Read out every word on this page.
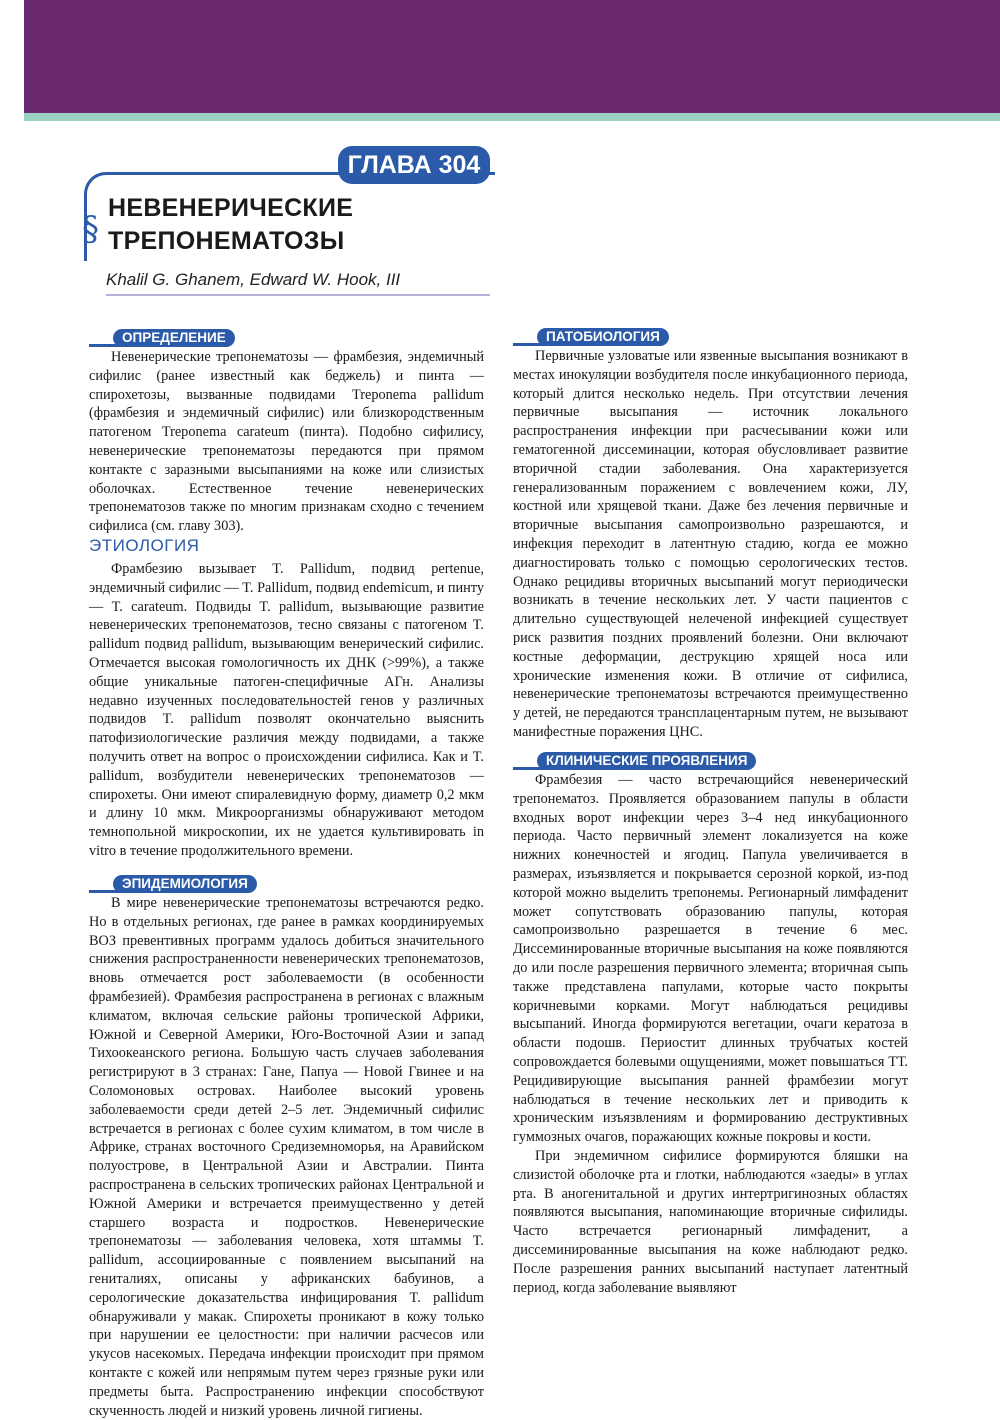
ГЛАВА 304
§
НЕВЕНЕРИЧЕСКИЕ ТРЕПОНЕМАТОЗЫ
Khalil G. Ghanem, Edward W. Hook, III
ОПРЕДЕЛЕНИЕ

Невенерические трепонематозы — фрамбезия, эндемичный сифилис (ранее известный как беджель) и пинта — спирохетозы, вызванные подвидами Treponema pallidum (фрамбезия и эндемичный сифилис) или близкородственным патогеном Treponema carateum (пинта). Подобно сифилису, невенерические трепонематозы передаются при прямом контакте с заразными высыпаниями на коже или слизистых оболочках. Естественное течение невенерических трепонематозов также по многим признакам сходно с течением сифилиса (см. главу 303).

ЭТИОЛОГИЯ

Фрамбезию вызывает T. Pallidum, подвид pertenue, эндемичный сифилис — T. Pallidum, подвид endemicum, и пинту — T. carateum. Подвиды T. pallidum, вызывающие развитие невенерических трепонематозов, тесно связаны с патогеном T. pallidum подвид pallidum, вызывающим венерический сифилис. Отмечается высокая гомологичность их ДНК (>99%), а также общие уникальные патоген-специфичные АГн. Анализы недавно изученных последовательностей генов у различных подвидов T. pallidum позволят окончательно выяснить патофизиологические различия между подвидами, а также получить ответ на вопрос о происхождении сифилиса. Как и T. pallidum, возбудители невенерических трепонематозов — спирохеты. Они имеют спиралевидную форму, диаметр 0,2 мкм и длину 10 мкм. Микроорганизмы обнаруживают методом темнопольной микроскопии, их не удается культивировать in vitro в течение продолжительного времени.

ЭПИДЕМИОЛОГИЯ

В мире невенерические трепонематозы встречаются редко. Но в отдельных регионах, где ранее в рамках координируемых ВОЗ превентивных программ удалось добиться значительного снижения распространенности невенерических трепонематозов, вновь отмечается рост заболеваемости (в особенности фрамбезией). Фрамбезия распространена в регионах с влажным климатом, включая сельские районы тропической Африки, Южной и Северной Америки, Юго-Восточной Азии и запад Тихоокеанского региона. Большую часть случаев заболевания регистрируют в 3 странах: Гане, Папуа — Новой Гвинее и на Соломоновых островах. Наиболее высокий уровень заболеваемости среди детей 2–5 лет. Эндемичный сифилис встречается в регионах с более сухим климатом, в том числе в Африке, странах восточного Средиземноморья, на Аравийском полуострове, в Центральной Азии и Австралии. Пинта распространена в сельских тропических районах Центральной и Южной Америки и встречается преимущественно у детей старшего возраста и подростков. Невенерические трепонематозы — заболевания человека, хотя штаммы T. pallidum, ассоциированные с появлением высыпаний на гениталиях, описаны у африканских бабуинов, а серологические доказательства инфицирования T. pallidum обнаруживали у макак. Спирохеты проникают в кожу только при нарушении ее целостности: при наличии расчесов или укусов насекомых. Передача инфекции происходит при прямом контакте с кожей или непрямым путем через грязные руки или предметы быта. Распространению инфекции способствуют скученность людей и низкий уровень личной гигиены.

ПАТОБИОЛОГИЯ

Первичные узловатые или язвенные высыпания возникают в местах инокуляции возбудителя после инкубационного периода, который длится несколько недель. При отсутствии лечения первичные высыпания — источник локального распространения инфекции при расчесывании кожи или гематогенной диссеминации, которая обусловливает развитие вторичной стадии заболевания. Она характеризуется генерализованным поражением с вовлечением кожи, ЛУ, костной или хрящевой ткани. Даже без лечения первичные и вторичные высыпания самопроизвольно разрешаются, и инфекция переходит в латентную стадию, когда ее можно диагностировать только с помощью серологических тестов. Однако рецидивы вторичных высыпаний могут периодически возникать в течение нескольких лет. У части пациентов с длительно существующей нелеченой инфекцией существует риск развития поздних проявлений болезни. Они включают костные деформации, деструкцию хрящей носа или хронические изменения кожи. В отличие от сифилиса, невенерические трепонематозы встречаются преимущественно у детей, не передаются трансплацентарным путем, не вызывают манифестные поражения ЦНС.

КЛИНИЧЕСКИЕ ПРОЯВЛЕНИЯ

Фрамбезия — часто встречающийся невенерический трепонематоз. Проявляется образованием папулы в области входных ворот инфекции через 3–4 нед инкубационного периода. Часто первичный элемент локализуется на коже нижних конечностей и ягодиц. Папула увеличивается в размерах, изъязвляется и покрывается серозной коркой, из-под которой можно выделить трепонемы. Регионарный лимфаденит может сопутствовать образованию папулы, которая самопроизвольно разрешается в течение 6 мес. Диссеминированные вторичные высыпания на коже появляются до или после разрешения первичного элемента; вторичная сыпь также представлена папулами, которые часто покрыты коричневыми корками. Могут наблюдаться рецидивы высыпаний. Иногда формируются вегетации, очаги кератоза в области подошв. Периостит длинных трубчатых костей сопровождается болевыми ощущениями, может повышаться ТТ. Рецидивирующие высыпания ранней фрамбезии могут наблюдаться в течение нескольких лет и приводить к хроническим изъязвлениям и формированию деструктивных гуммозных очагов, поражающих кожные покровы и кости.

При эндемичном сифилисе формируются бляшки на слизистой оболочке рта и глотки, наблюдаются «заеды» в углах рта. В аногенитальной и других интертригинозных областях появляются высыпания, напоминающие вторичные сифилиды. Часто встречается регионарный лимфаденит, а диссеминированные высыпания на коже наблюдают редко. После разрешения ранних высыпаний наступает латентный период, когда заболевание выявляют
